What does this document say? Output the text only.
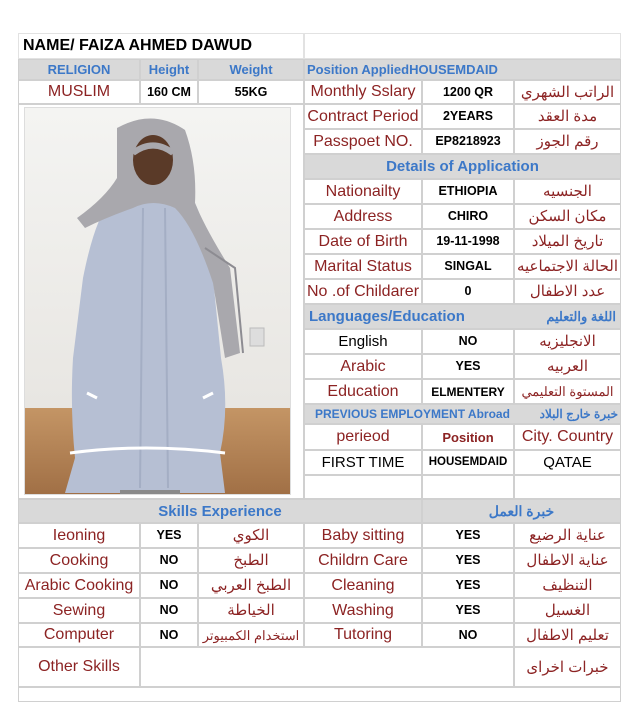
NAME/ FAIZA AHMED DAWUD
RELIGION	Height	Weight	Position Applied HOUSEMDAID
MUSLIM	160 CM	55KG	Monthly Sslary	1200 QR	الراتب الشهري
Contract Period	2YEARS	مدة العقد
Passpoet NO.	EP8218923	رقم الجوز
Details of Application
Nationailty	ETHIOPIA	الجنسيه
Address	CHIRO	مكان السكن
Date of Birth	19-11-1998	تاريخ الميلاد
Marital Status	SINGAL	الحالة الاجتماعيه
No .of Childarer	0	عدد الاطفال
Languages/Education	اللغة والتعليم
English	NO	الانجليزيه
Arabic	YES	العربيه
Education	ELMENTERY	المستوة التعليمي
PREVIOUS EMPLOYMENT Abroad خبرة خارج البلاد
perieod	Position	City. Country
FIRST TIME	HOUSEMDAID	QATAE
Skills Experience	خبرة العمل
Ieoning	YES	الكوي	Baby sitting	YES	عناية الرضيع
Cooking	NO	الطبخ	Childrn Care	YES	عناية الاطفال
Arabic Cooking	NO	الطبخ العربي	Cleaning	YES	التنظيف
Sewing	NO	الخياطة	Washing	YES	الغسيل
Computer	NO	استخدام الكمبيوتر	Tutoring	NO	تعليم الاطفال
Other Skills	خبرات اخراى
